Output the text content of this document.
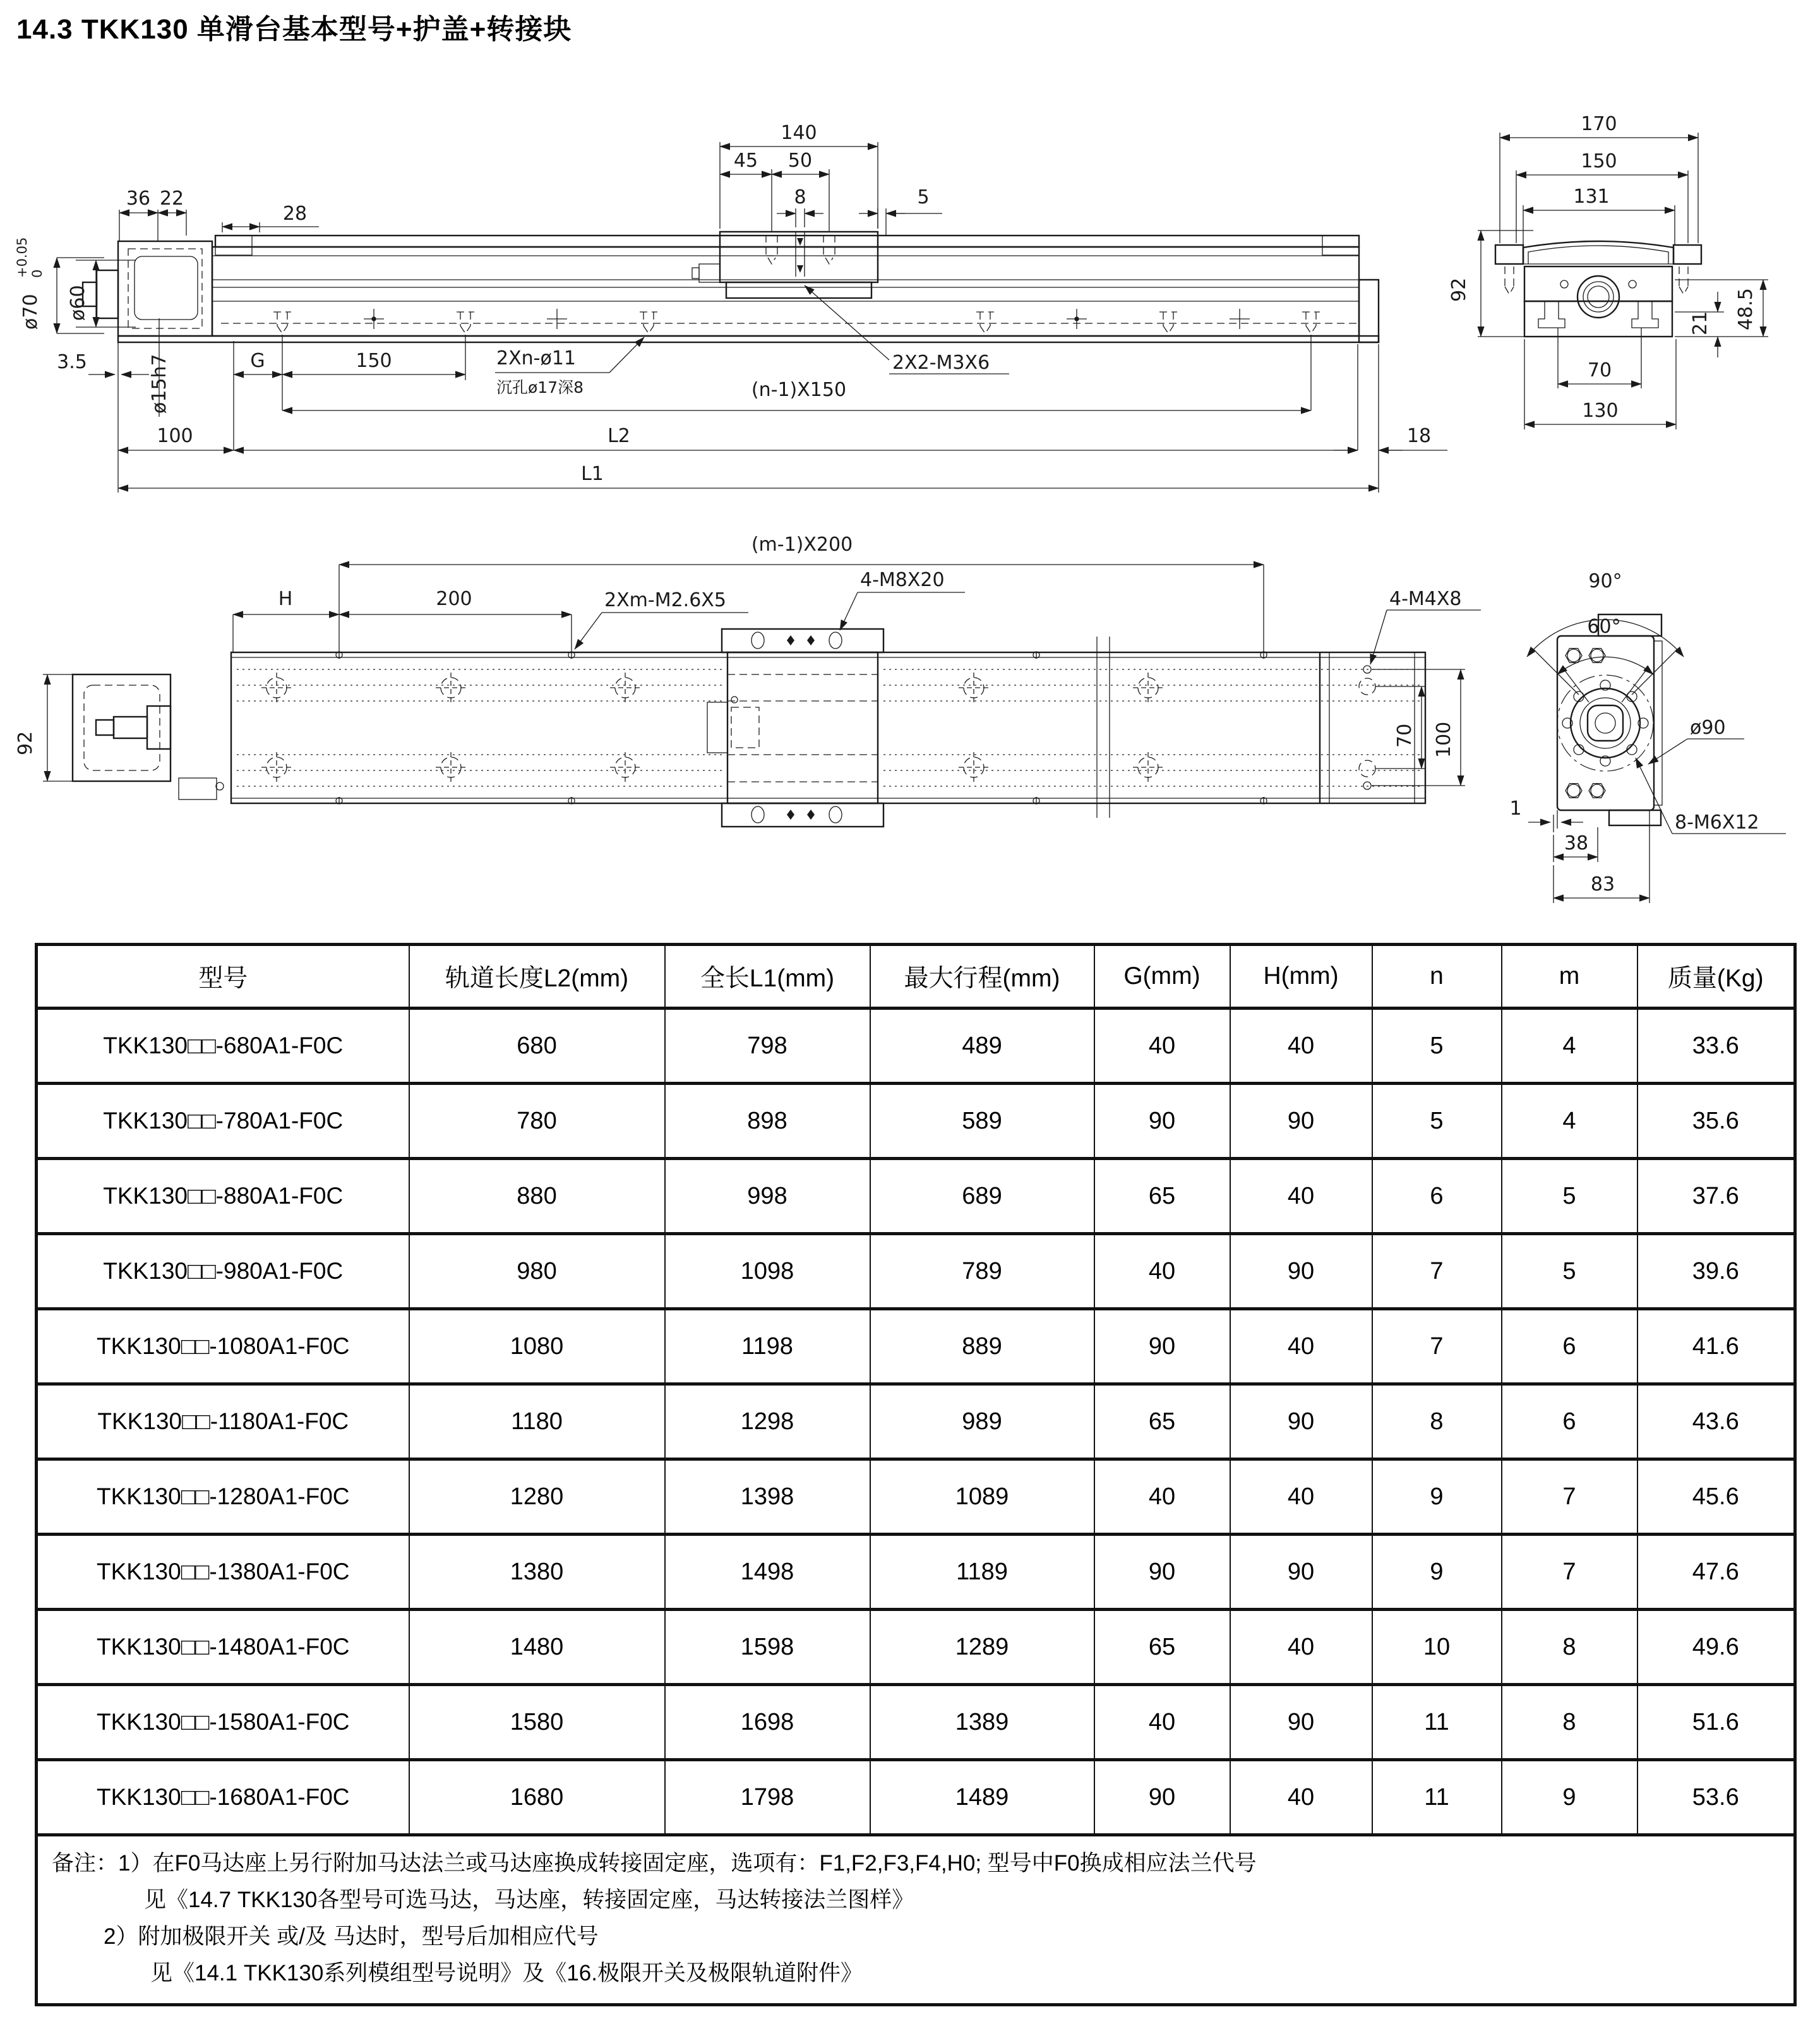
14.3 TKK130 单滑台基本型号+护盖+转接块
36 22
28
140
45 50
8	5
ø70
+0.05 0
ø60
3.5	ø15h7	G	150	2Xn-ø11
沉孔ø17深8	(n-1)X150
100	L2	18
L1
2X2-M3X6
170
150
131
92	48.5
21
70
130
92
(m-1)X200
H	200	2Xm-M2.6X5
4-M8X20
4-M4X8
70 100
90°
60°
ø90
8-M6X12
1
38
83
型号	轨道长度L2(mm)	全长L1(mm)	最大行程(mm)	G(mm)	H(mm)	n	m	质量(Kg)
TKK130□□-680A1-F0C	680	798	489	40	40	5	4	33.6
TKK130□□-780A1-F0C	780	898	589	90	90	5	4	35.6
TKK130□□-880A1-F0C	880	998	689	65	40	6	5	37.6
TKK130□□-980A1-F0C	980	1098	789	40	90	7	5	39.6
TKK130□□-1080A1-F0C	1080	1198	889	90	40	7	6	41.6
TKK130□□-1180A1-F0C	1180	1298	989	65	90	8	6	43.6
TKK130□□-1280A1-F0C	1280	1398	1089	40	40	9	7	45.6
TKK130□□-1380A1-F0C	1380	1498	1189	90	90	9	7	47.6
TKK130□□-1480A1-F0C	1480	1598	1289	65	40	10	8	49.6
TKK130□□-1580A1-F0C	1580	1698	1389	40	90	11	8	51.6
TKK130□□-1680A1-F0C	1680	1798	1489	90	40	11	9	53.6

备注：1）在F0马达座上另行附加马达法兰或马达座换成转接固定座，选项有：F1,F2,F3,F4,H0; 型号中F0换成相应法兰代号
见《14.7 TKK130各型号可选马达，马达座，转接固定座，马达转接法兰图样》
2）附加极限开关 或/及 马达时，型号后加相应代号
见《14.1 TKK130系列模组型号说明》及《16.极限开关及极限轨道附件》								
